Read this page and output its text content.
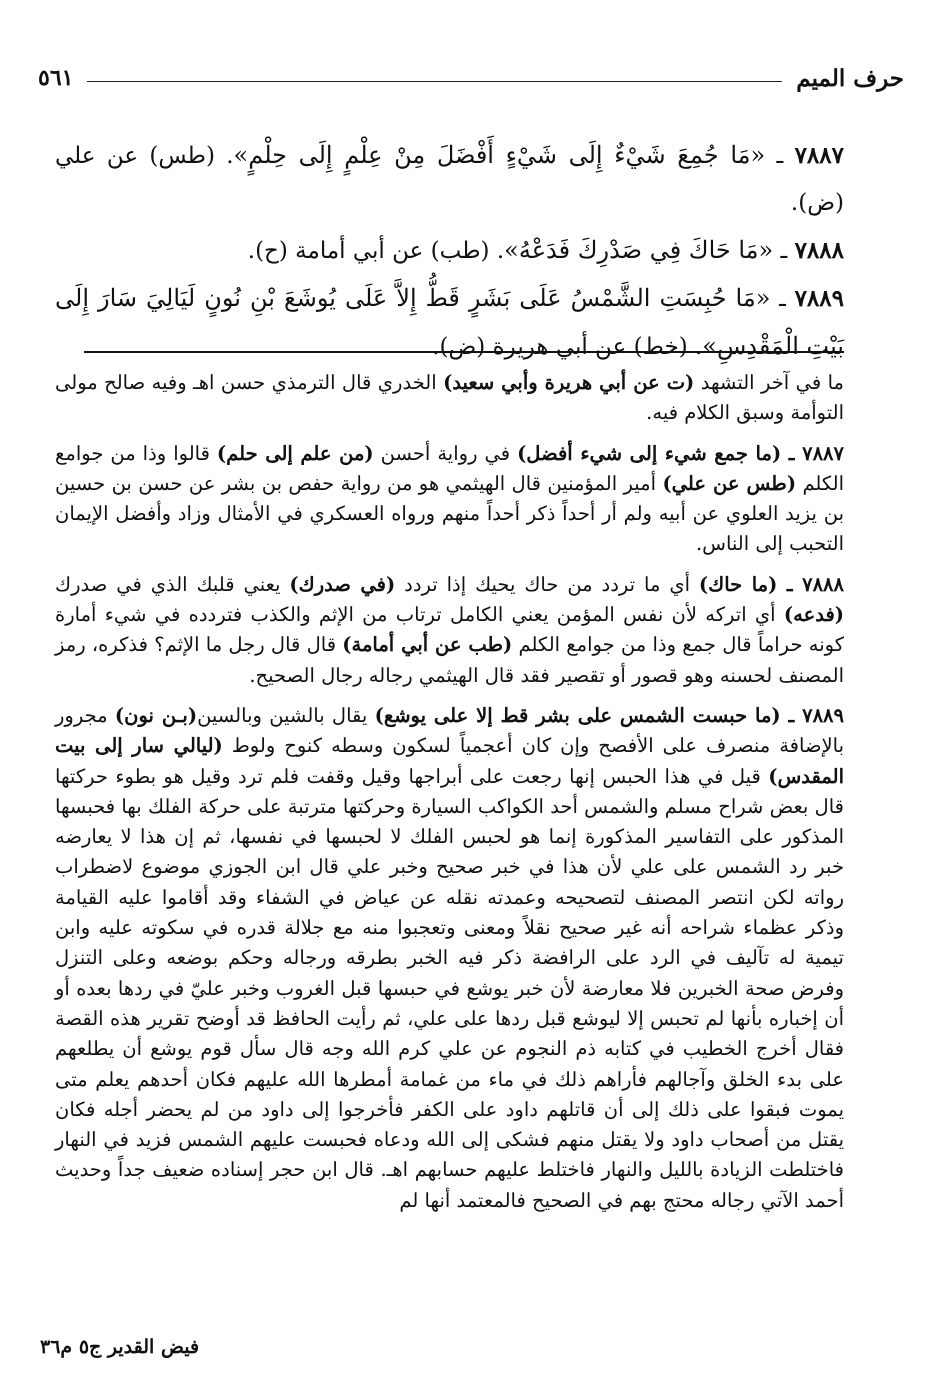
حرف الميم
٥٦١

٧٨٨٧ ـ «مَا جُمِعَ شَيْءٌ إِلَى شَيْءٍ أَفْضَلَ مِنْ عِلْمٍ إِلَى حِلْمٍ». (طس) عن علي (ض).

٧٨٨٨ ـ «مَا حَاكَ فِي صَدْرِكَ فَدَعْهُ». (طب) عن أبي أمامة (ح).

٧٨٨٩ ـ «مَا حُبِسَتِ الشَّمْسُ عَلَى بَشَرٍ قَطُّ إِلاَّ عَلَى يُوشَعَ بْنِ نُونٍ لَيَالِيَ سَارَ إِلَى بَيْتِ الْمَقْدِسِ». (خط) عن أبي هريرة (ض).

ما في آخر التشهد (ت عن أبي هريرة وأبي سعيد) الخدري قال الترمذي حسن اهـ وفيه صالح مولى التوأمة وسبق الكلام فيه.

٧٨٨٧ ـ (ما جمع شيء إلى شيء أفضل) في رواية أحسن (من علم إلى حلم) قالوا وذا من جوامع الكلم (طس عن علي) أمير المؤمنين قال الهيثمي هو من رواية حفص بن بشر عن حسن بن حسين بن يزيد العلوي عن أبيه ولم أر أحداً ذكر أحداً منهم ورواه العسكري في الأمثال وزاد وأفضل الإيمان التحبب إلى الناس.

٧٨٨٨ ـ (ما حاك) أي ما تردد من حاك يحيك إذا تردد (في صدرك) يعني قلبك الذي في صدرك (فدعه) أي اتركه لأن نفس المؤمن يعني الكامل ترتاب من الإثم والكذب فتردده في شيء أمارة كونه حراماً قال جمع وذا من جوامع الكلم (طب عن أبي أمامة) قال قال رجل ما الإثم؟ فذكره، رمز المصنف لحسنه وهو قصور أو تقصير فقد قال الهيثمي رجاله رجال الصحيح.

٧٨٨٩ ـ (ما حبست الشمس على بشر قط إلا على يوشع) يقال بالشين وبالسين(بـن نون) مجرور بالإضافة منصرف على الأفصح وإن كان أعجمياً لسكون وسطه كنوح ولوط (ليالي سار إلى بيت المقدس) قيل في هذا الحبس إنها رجعت على أبراجها وقيل وقفت فلم ترد وقيل هو بطوء حركتها قال بعض شراح مسلم والشمس أحد الكواكب السيارة وحركتها مترتبة على حركة الفلك بها فحبسها المذكور على التفاسير المذكورة إنما هو لحبس الفلك لا لحبسها في نفسها، ثم إن هذا لا يعارضه خبر رد الشمس على علي لأن هذا في خبر صحيح وخبر علي قال ابن الجوزي موضوع لاضطراب رواته لكن انتصر المصنف لتصحيحه وعمدته نقله عن عياض في الشفاء وقد أقاموا عليه القيامة وذكر عظماء شراحه أنه غير صحيح نقلاً ومعنى وتعجبوا منه مع جلالة قدره في سكوته عليه وابن تيمية له تآليف في الرد على الرافضة ذكر فيه الخبر بطرقه ورجاله وحكم بوضعه وعلى التنزل وفرض صحة الخبرين فلا معارضة لأن خبر يوشع في حبسها قبل الغروب وخبر عليّ في ردها بعده أو أن إخباره بأنها لم تحبس إلا ليوشع قبل ردها على علي، ثم رأيت الحافظ قد أوضح تقرير هذه القصة فقال أخرج الخطيب في كتابه ذم النجوم عن علي كرم الله وجه قال سأل قوم يوشع أن يطلعهم على بدء الخلق وآجالهم فأراهم ذلك في ماء من غمامة أمطرها الله عليهم فكان أحدهم يعلم متى يموت فبقوا على ذلك إلى أن قاتلهم داود على الكفر فأخرجوا إلى داود من لم يحضر أجله فكان يقتل من أصحاب داود ولا يقتل منهم فشكى إلى الله ودعاه فحبست عليهم الشمس فزيد في النهار فاختلطت الزيادة بالليل والنهار فاختلط عليهم حسابهم اهـ. قال ابن حجر إسناده ضعيف جداً وحديث أحمد الآتي رجاله محتج بهم في الصحيح فالمعتمد أنها لم

فيض القدير ج٥ م٣٦
